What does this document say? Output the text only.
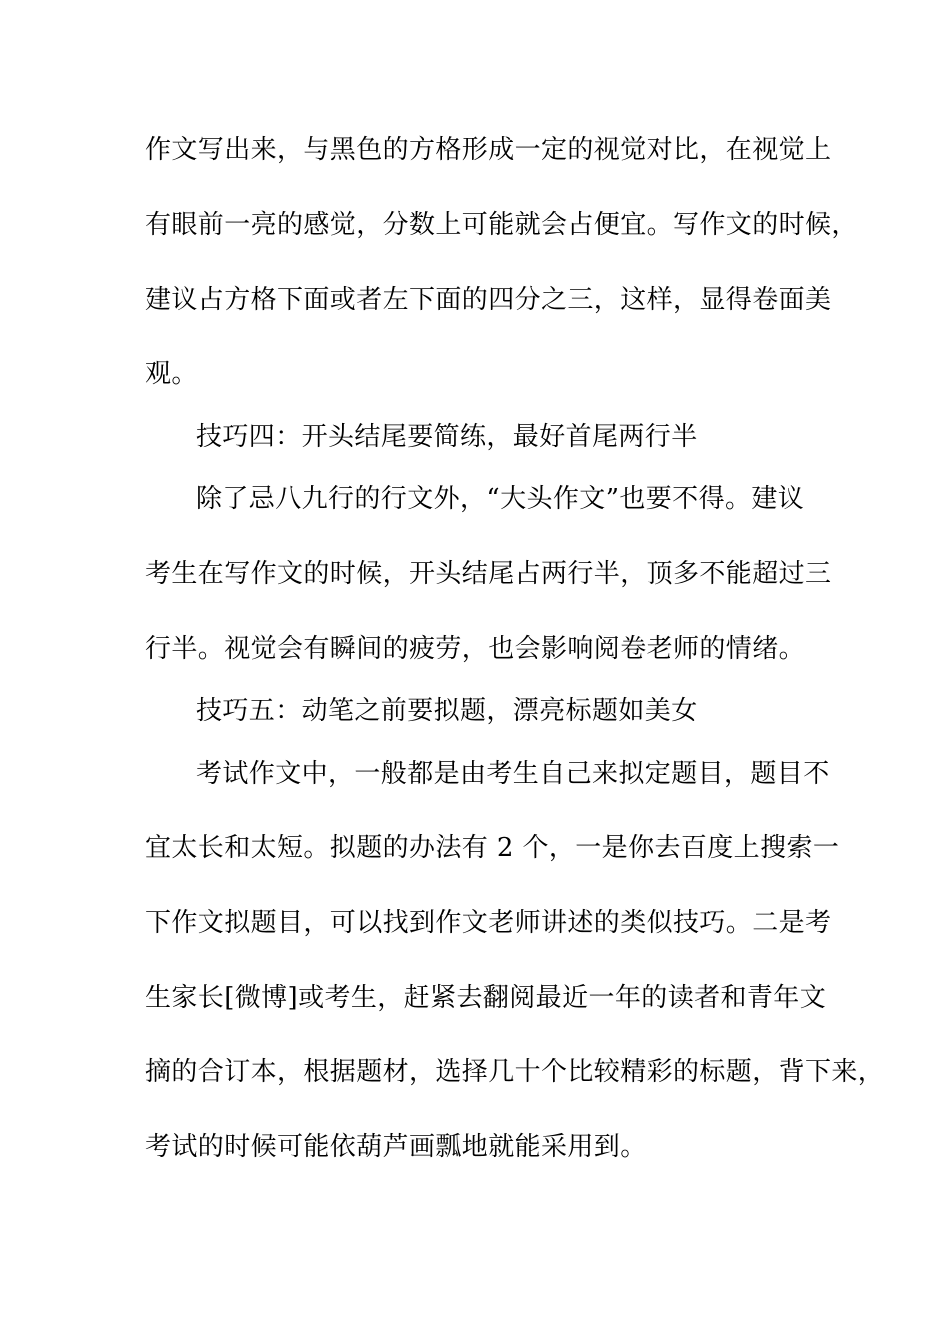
作文写出来，与黑色的方格形成一定的视觉对比，在视觉上
有眼前一亮的感觉，分数上可能就会占便宜。写作文的时候，
建议占方格下面或者左下面的四分之三，这样，显得卷面美
观。
技巧四：开头结尾要简练，最好首尾两行半
除了忌八九行的行文外，“大头作文”也要不得。建议
考生在写作文的时候，开头结尾占两行半，顶多不能超过三
行半。视觉会有瞬间的疲劳，也会影响阅卷老师的情绪。
技巧五：动笔之前要拟题，漂亮标题如美女
考试作文中，一般都是由考生自己来拟定题目，题目不
宜太长和太短。拟题的办法有 2 个，一是你去百度上搜索一
下作文拟题目，可以找到作文老师讲述的类似技巧。二是考
生家长[微博]或考生，赶紧去翻阅最近一年的读者和青年文
摘的合订本，根据题材，选择几十个比较精彩的标题，背下来，
考试的时候可能依葫芦画瓢地就能采用到。
